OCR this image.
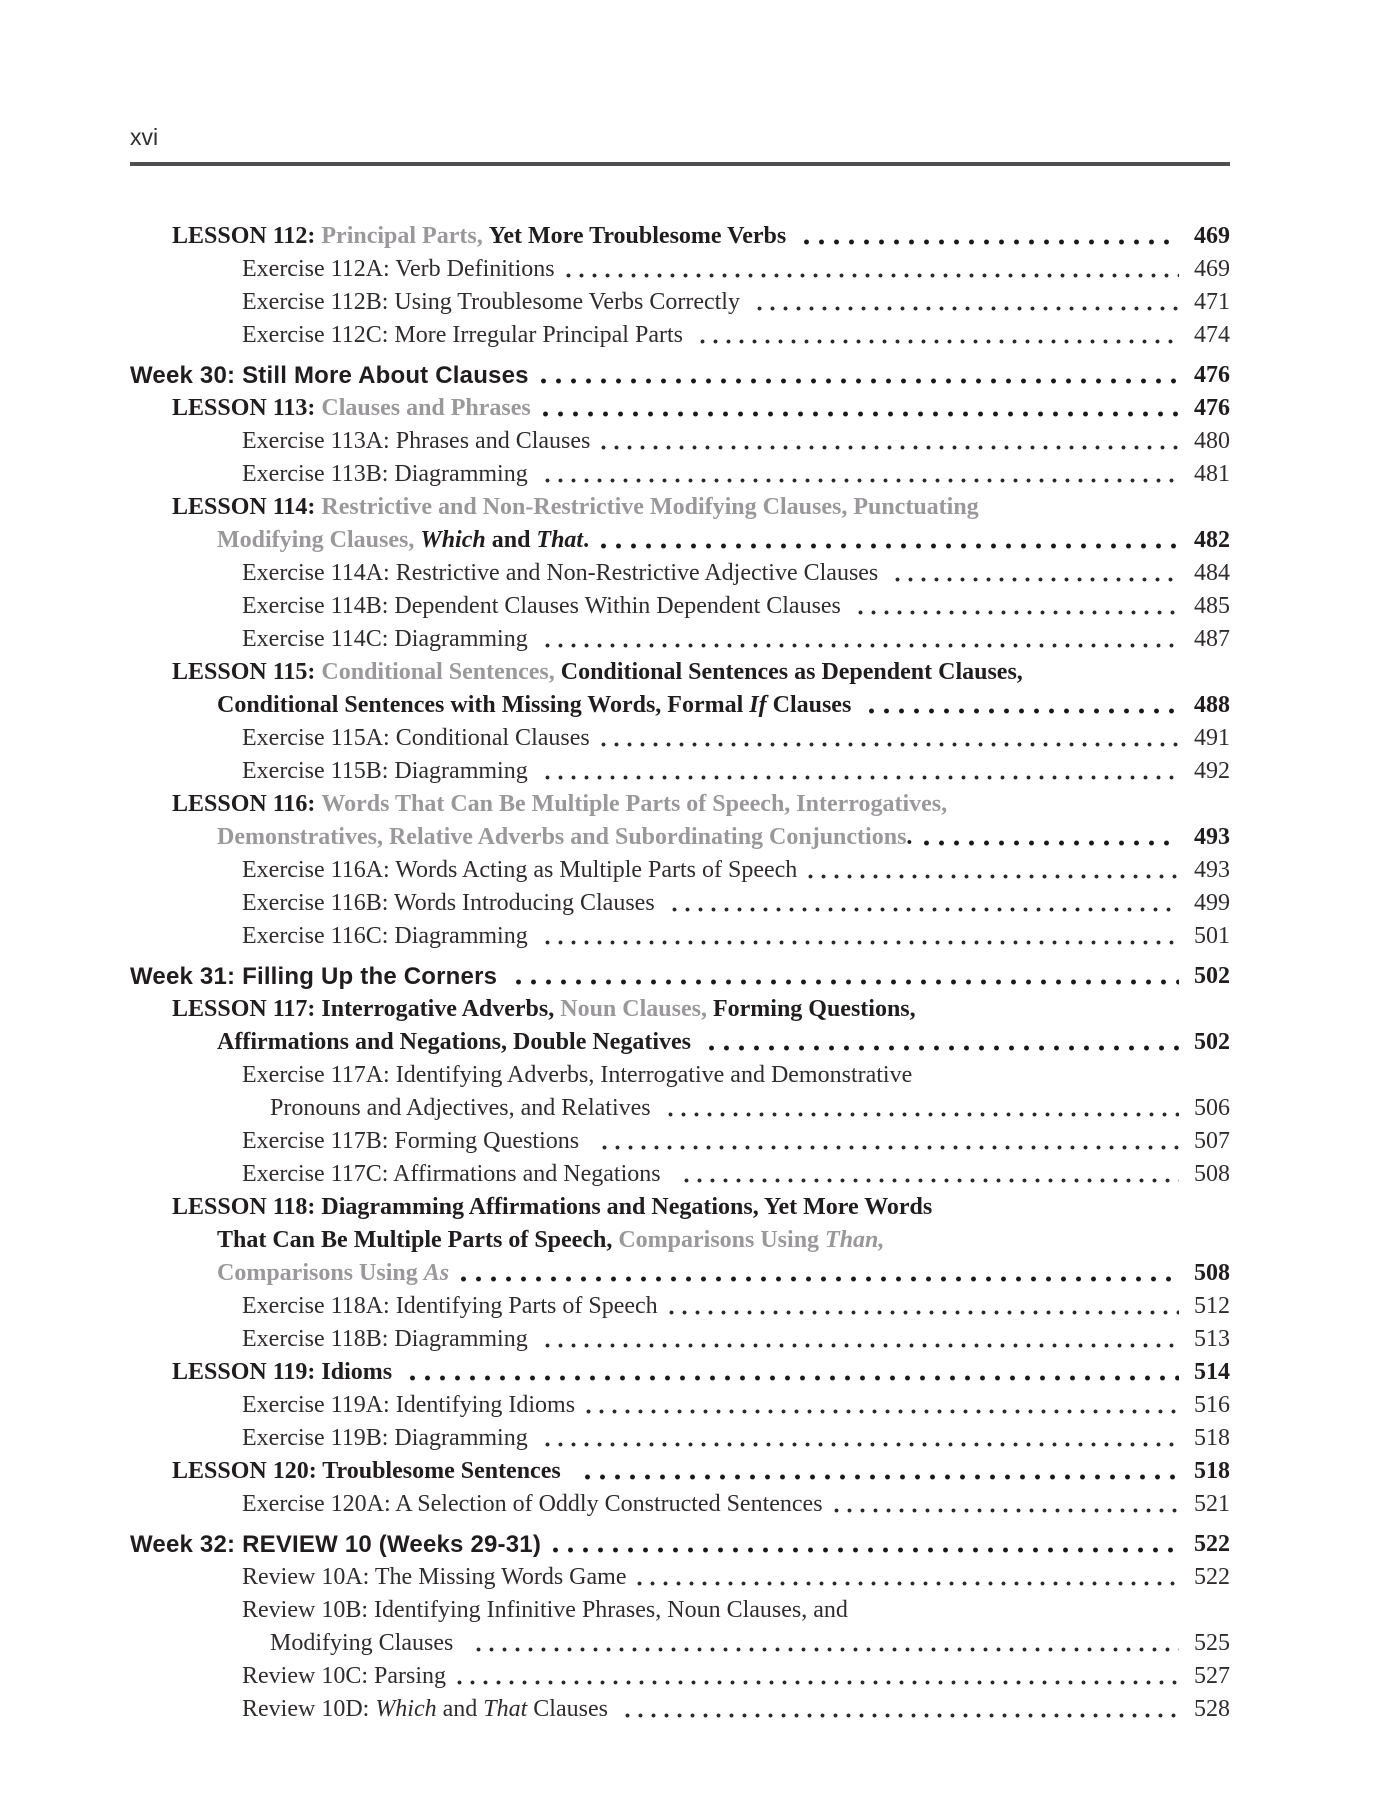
xvi
LESSON 112: Principal Parts, Yet More Troublesome Verbs	469
Exercise 112A: Verb Definitions	469
Exercise 112B: Using Troublesome Verbs Correctly	471
Exercise 112C: More Irregular Principal Parts	474
Week 30: Still More About Clauses	476
LESSON 113: Clauses and Phrases	476
Exercise 113A: Phrases and Clauses	480
Exercise 113B: Diagramming	481
LESSON 114: Restrictive and Non-Restrictive Modifying Clauses, Punctuating
Modifying Clauses, Which and That .	482
Exercise 114A: Restrictive and Non-Restrictive Adjective Clauses	484
Exercise 114B: Dependent Clauses Within Dependent Clauses	485
Exercise 114C: Diagramming	487
LESSON 115: Conditional Sentences, Conditional Sentences as Dependent Clauses,
Conditional Sentences with Missing Words, Formal If Clauses	488
Exercise 115A: Conditional Clauses	491
Exercise 115B: Diagramming	492
LESSON 116: Words That Can Be Multiple Parts of Speech, Interrogatives,
Demonstratives, Relative Adverbs and Subordinating Conjunctions .	493
Exercise 116A: Words Acting as Multiple Parts of Speech	493
Exercise 116B: Words Introducing Clauses	499
Exercise 116C: Diagramming	501
Week 31: Filling Up the Corners	502
LESSON 117: Interrogative Adverbs, Noun Clauses, Forming Questions,
Affirmations and Negations, Double Negatives	502
Exercise 117A: Identifying Adverbs, Interrogative and Demonstrative
Pronouns and Adjectives, and Relatives	506
Exercise 117B: Forming Questions	507
Exercise 117C: Affirmations and Negations	508
LESSON 118: Diagramming Affirmations and Negations, Yet More Words
That Can Be Multiple Parts of Speech, Comparisons Using Than,
Comparisons Using As	508
Exercise 118A: Identifying Parts of Speech	512
Exercise 118B: Diagramming	513
LESSON 119: Idioms	514
Exercise 119A: Identifying Idioms	516
Exercise 119B: Diagramming	518
LESSON 120: Troublesome Sentences	518
Exercise 120A: A Selection of Oddly Constructed Sentences	521
Week 32: REVIEW 10 (Weeks 29-31)	522
Review 10A: The Missing Words Game	522
Review 10B: Identifying Infinitive Phrases, Noun Clauses, and
Modifying Clauses	525
Review 10C: Parsing	527
Review 10D: Which and That Clauses	528
